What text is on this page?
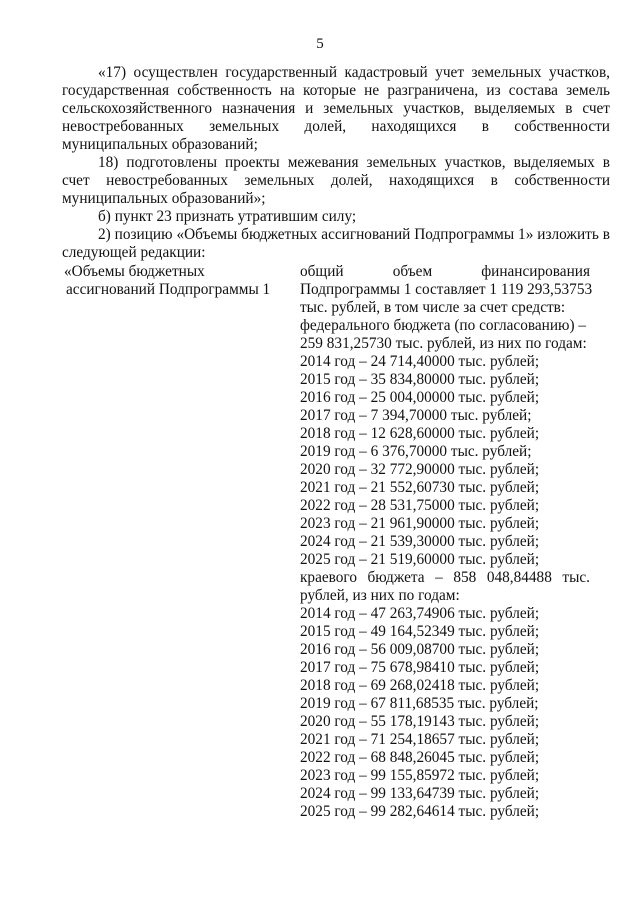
5

«17) осуществлен государственный кадастровый учет земельных участков, государственная собственность на которые не разграничена, из состава земель сельскохозяйственного назначения и земельных участков, выделяемых в счет невостребованных земельных долей, находящихся в собственности муниципальных образований;

18) подготовлены проекты межевания земельных участков, выделяемых в счет невостребованных земельных долей, находящихся в собственности муниципальных образований»;

б) пункт 23 признать утратившим силу;

2) позицию «Объемы бюджетных ассигнований Подпрограммы 1» изложить в следующей редакции:

«Объемы бюджетных
ассигнований Подпрограммы 1
общий объем финансирования
Подпрограммы 1 составляет 1 119 293,53753
тыс. рублей, в том числе за счет средств:
федерального бюджета (по согласованию) –
259 831,25730 тыс. рублей, из них по годам:
2014 год – 24 714,40000 тыс. рублей;
2015 год – 35 834,80000 тыс. рублей;
2016 год – 25 004,00000 тыс. рублей;
2017 год – 7 394,70000 тыс. рублей;
2018 год – 12 628,60000 тыс. рублей;
2019 год – 6 376,70000 тыс. рублей;
2020 год – 32 772,90000 тыс. рублей;
2021 год – 21 552,60730 тыс. рублей;
2022 год – 28 531,75000 тыс. рублей;
2023 год – 21 961,90000 тыс. рублей;
2024 год – 21 539,30000 тыс. рублей;
2025 год – 21 519,60000 тыс. рублей;
краевого бюджета – 858 048,84488 тыс.
рублей, из них по годам:
2014 год – 47 263,74906 тыс. рублей;
2015 год – 49 164,52349 тыс. рублей;
2016 год – 56 009,08700 тыс. рублей;
2017 год – 75 678,98410 тыс. рублей;
2018 год – 69 268,02418 тыс. рублей;
2019 год – 67 811,68535 тыс. рублей;
2020 год – 55 178,19143 тыс. рублей;
2021 год – 71 254,18657 тыс. рублей;
2022 год – 68 848,26045 тыс. рублей;
2023 год – 99 155,85972 тыс. рублей;
2024 год – 99 133,64739 тыс. рублей;
2025 год – 99 282,64614 тыс. рублей;
